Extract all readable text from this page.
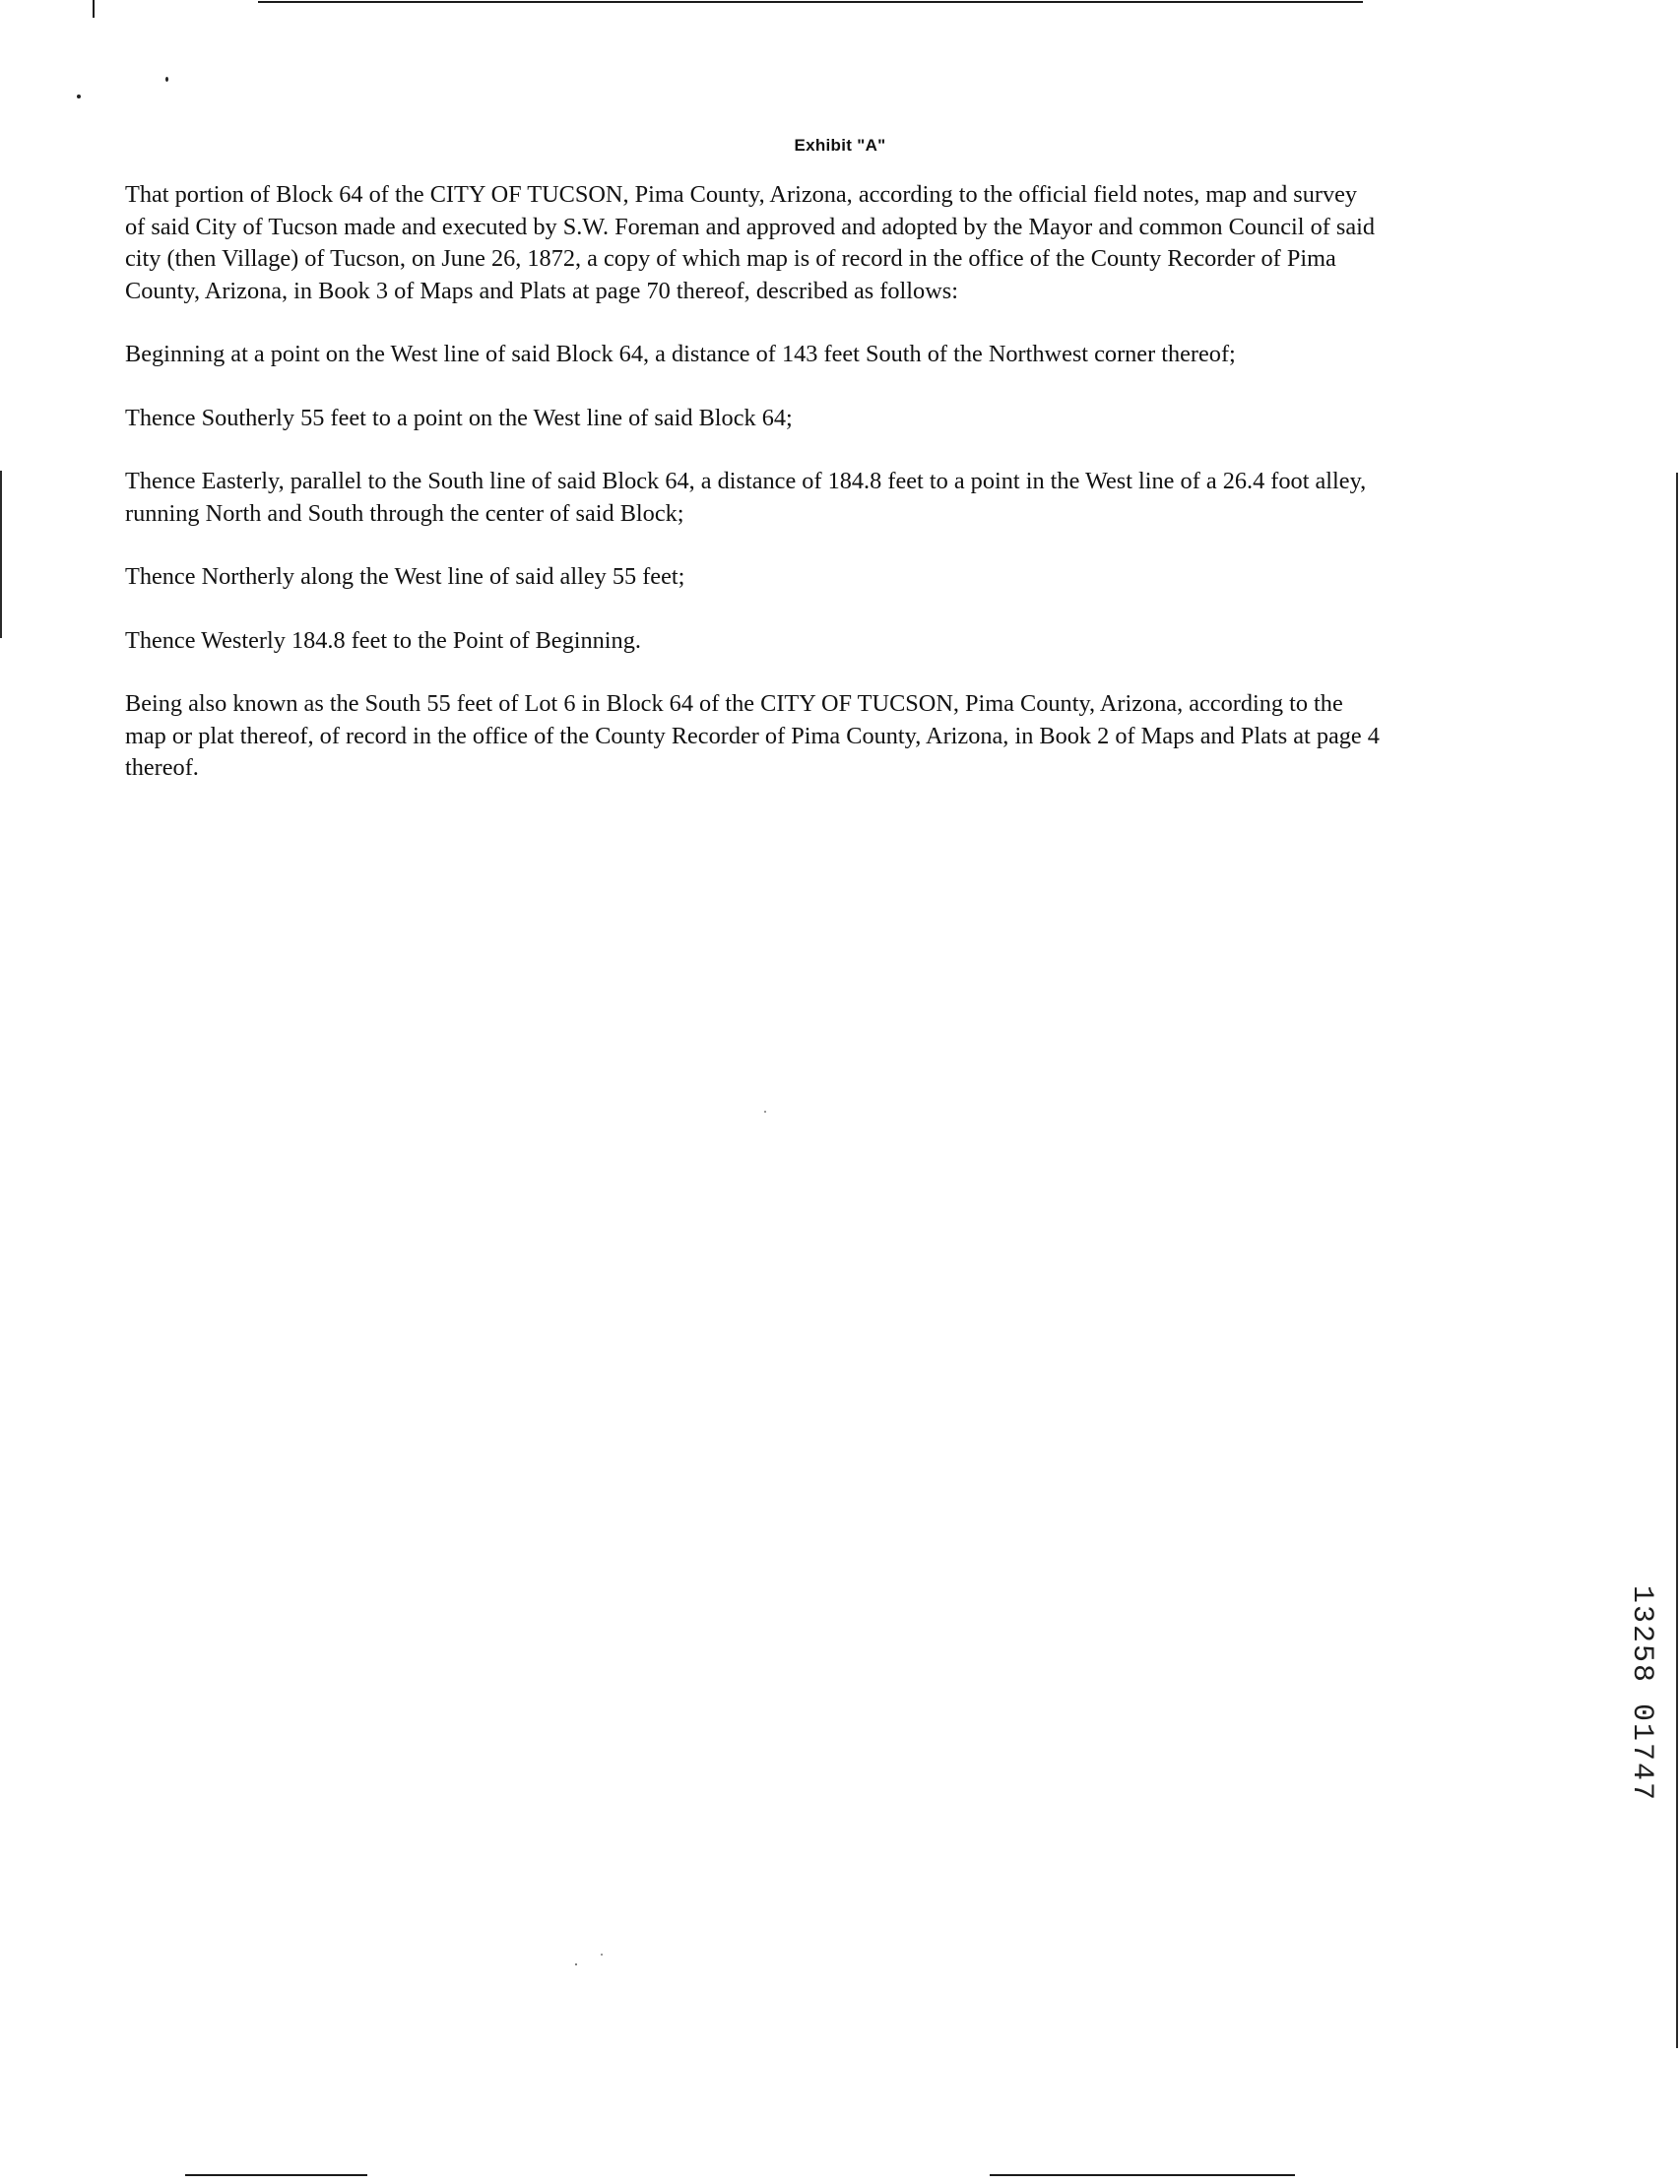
Exhibit "A"

That portion of Block 64 of the CITY OF TUCSON, Pima County, Arizona, according to the official field notes, map and survey
of said City of Tucson made and executed by S.W. Foreman and approved and adopted by the Mayor and common Council of said
city (then Village) of Tucson, on June 26, 1872, a copy of which map is of record in the office of the County Recorder of Pima
County, Arizona, in Book 3 of Maps and Plats at page 70 thereof, described as follows:

Beginning at a point on the West line of said Block 64, a distance of 143 feet South of the Northwest corner thereof;

Thence Southerly 55 feet to a point on the West line of said Block 64;

Thence Easterly, parallel to the South line of said Block 64, a distance of 184.8 feet to a point in the West line of a 26.4 foot alley,
running North and South through the center of said Block;

Thence Northerly along the West line of said alley 55 feet;

Thence Westerly 184.8 feet to the Point of Beginning.

Being also known as the South 55 feet of Lot 6 in Block 64 of the CITY OF TUCSON, Pima County, Arizona, according to the
map or plat thereof, of record in the office of the County Recorder of Pima County, Arizona, in Book 2 of Maps and Plats at page 4
thereof.

13258 01747
